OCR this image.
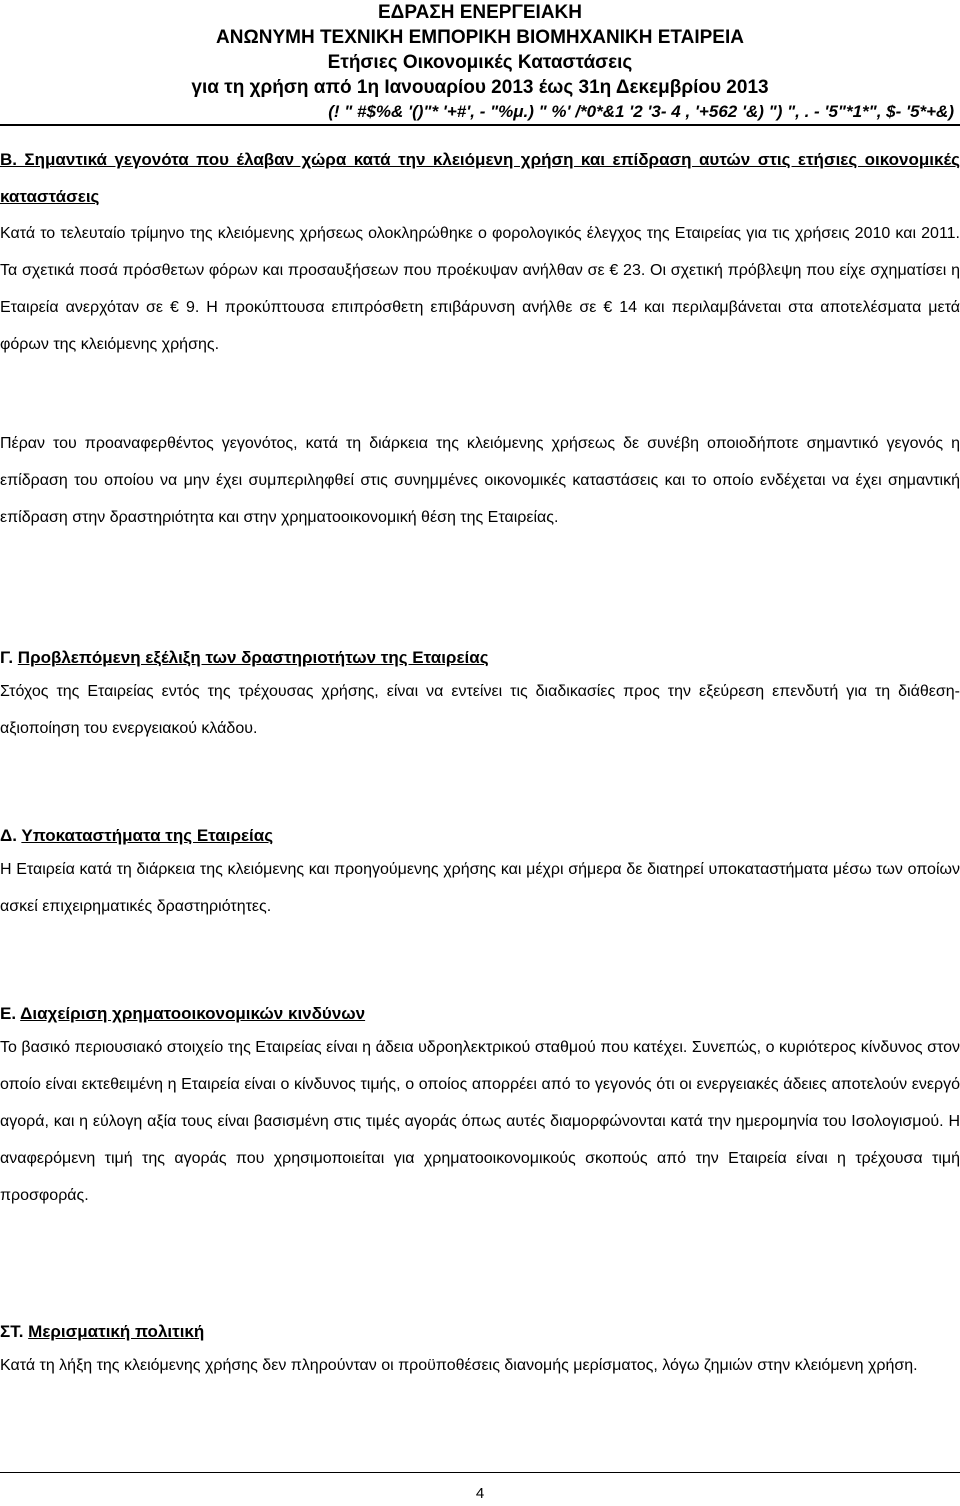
ΕΔΡΑΣΗ ΕΝΕΡΓΕΙΑΚΗ
ΑΝΩΝΥΜΗ ΤΕΧΝΙΚΗ ΕΜΠΟΡΙΚΗ ΒΙΟΜΗΧΑΝΙΚΗ ΕΤΑΙΡΕΙΑ
Ετήσιες Οικονομικές Καταστάσεις
για τη χρήση από 1η Ιανουαρίου 2013 έως 31η Δεκεμβρίου 2013
(! " #$%& '()"* '+#', - "%μ.) " %' /*0*&1 '2 '3- 4 , '+562 '&) ") ", . - '5"*1*", $- '5*+&)
Β. Σημαντικά γεγονότα που έλαβαν χώρα κατά την κλειόμενη χρήση και επίδραση αυτών στις ετήσιες οικονομικές καταστάσεις
Κατά το τελευταίο τρίμηνο της κλειόμενης χρήσεως ολοκληρώθηκε ο φορολογικός έλεγχος της Εταιρείας για τις χρήσεις 2010 και 2011. Τα σχετικά ποσά πρόσθετων φόρων και προσαυξήσεων που προέκυψαν ανήλθαν σε € 23. Οι σχετική πρόβλεψη που είχε σχηματίσει η Εταιρεία ανερχόταν σε € 9. Η προκύπτουσα επιπρόσθετη επιβάρυνση ανήλθε σε € 14 και περιλαμβάνεται στα αποτελέσματα μετά φόρων της κλειόμενης χρήσης.
Πέραν του προαναφερθέντος γεγονότος, κατά τη διάρκεια της κλειόμενης χρήσεως δε συνέβη οποιοδήποτε σημαντικό γεγονός η επίδραση του οποίου να μην έχει συμπεριληφθεί στις συνημμένες οικονομικές καταστάσεις και το οποίο ενδέχεται να έχει σημαντική επίδραση στην δραστηριότητα και στην χρηματοοικονομική θέση της Εταιρείας.
Γ. Προβλεπόμενη εξέλιξη των δραστηριοτήτων της Εταιρείας
Στόχος της Εταιρείας εντός της τρέχουσας χρήσης, είναι να εντείνει τις διαδικασίες προς την εξεύρεση επενδυτή για τη διάθεση-αξιοποίηση του ενεργειακού κλάδου.
Δ. Υποκαταστήματα της Εταιρείας
Η Εταιρεία κατά τη διάρκεια της κλειόμενης και προηγούμενης χρήσης και μέχρι σήμερα δε διατηρεί υποκαταστήματα μέσω των οποίων ασκεί επιχειρηματικές δραστηριότητες.
Ε. Διαχείριση χρηματοοικονομικών κινδύνων
Το βασικό περιουσιακό στοιχείο της Εταιρείας είναι η άδεια υδροηλεκτρικού σταθμού που κατέχει. Συνεπώς, ο κυριότερος κίνδυνος στον οποίο είναι εκτεθειμένη η Εταιρεία είναι ο κίνδυνος τιμής, ο οποίος απορρέει από το γεγονός ότι οι ενεργειακές άδειες αποτελούν ενεργό αγορά, και η εύλογη αξία τους είναι βασισμένη στις τιμές αγοράς όπως αυτές διαμορφώνονται κατά την ημερομηνία του Ισολογισμού. Η αναφερόμενη τιμή της αγοράς που χρησιμοποιείται για χρηματοοικονομικούς σκοπούς από την Εταιρεία είναι η τρέχουσα τιμή προσφοράς.
ΣΤ. Μερισματική πολιτική
Κατά τη λήξη της κλειόμενης χρήσης δεν πληρούνταν οι προϋποθέσεις διανομής μερίσματος, λόγω ζημιών στην κλειόμενη χρήση.
4
